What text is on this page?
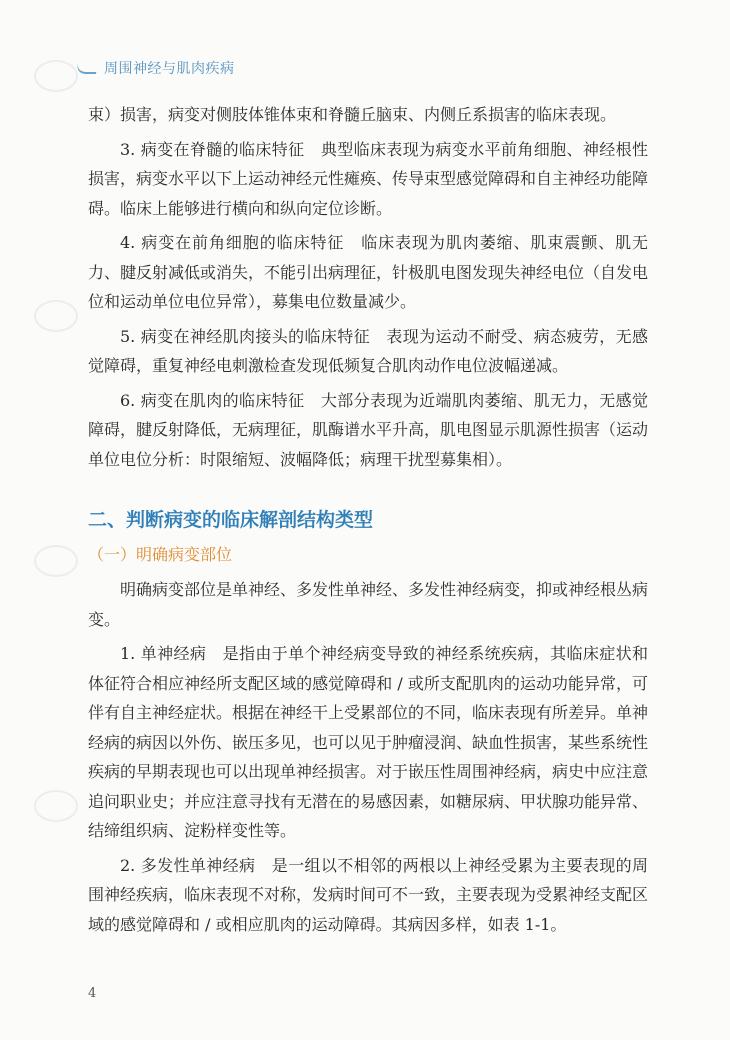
周围神经与肌肉疾病

束）损害，病变对侧肢体锥体束和脊髓丘脑束、内侧丘系损害的临床表现。

3. 病变在脊髓的临床特征　典型临床表现为病变水平前角细胞、神经根性损害，病变水平以下上运动神经元性瘫痪、传导束型感觉障碍和自主神经功能障碍。临床上能够进行横向和纵向定位诊断。

4. 病变在前角细胞的临床特征　临床表现为肌肉萎缩、肌束震颤、肌无力、腱反射减低或消失，不能引出病理征，针极肌电图发现失神经电位（自发电位和运动单位电位异常），募集电位数量减少。

5. 病变在神经肌肉接头的临床特征　表现为运动不耐受、病态疲劳，无感觉障碍，重复神经电刺激检查发现低频复合肌肉动作电位波幅递减。

6. 病变在肌肉的临床特征　大部分表现为近端肌肉萎缩、肌无力，无感觉障碍，腱反射降低，无病理征，肌酶谱水平升高，肌电图显示肌源性损害（运动单位电位分析：时限缩短、波幅降低；病理干扰型募集相）。

二、判断病变的临床解剖结构类型

（一）明确病变部位

明确病变部位是单神经、多发性单神经、多发性神经病变，抑或神经根丛病变。

1. 单神经病　是指由于单个神经病变导致的神经系统疾病，其临床症状和体征符合相应神经所支配区域的感觉障碍和 / 或所支配肌肉的运动功能异常，可伴有自主神经症状。根据在神经干上受累部位的不同，临床表现有所差异。单神经病的病因以外伤、嵌压多见，也可以见于肿瘤浸润、缺血性损害，某些系统性疾病的早期表现也可以出现单神经损害。对于嵌压性周围神经病，病史中应注意追问职业史；并应注意寻找有无潜在的易感因素，如糖尿病、甲状腺功能异常、结缔组织病、淀粉样变性等。

2. 多发性单神经病　是一组以不相邻的两根以上神经受累为主要表现的周围神经疾病，临床表现不对称，发病时间可不一致，主要表现为受累神经支配区域的感觉障碍和 / 或相应肌肉的运动障碍。其病因多样，如表 1-1。

4
